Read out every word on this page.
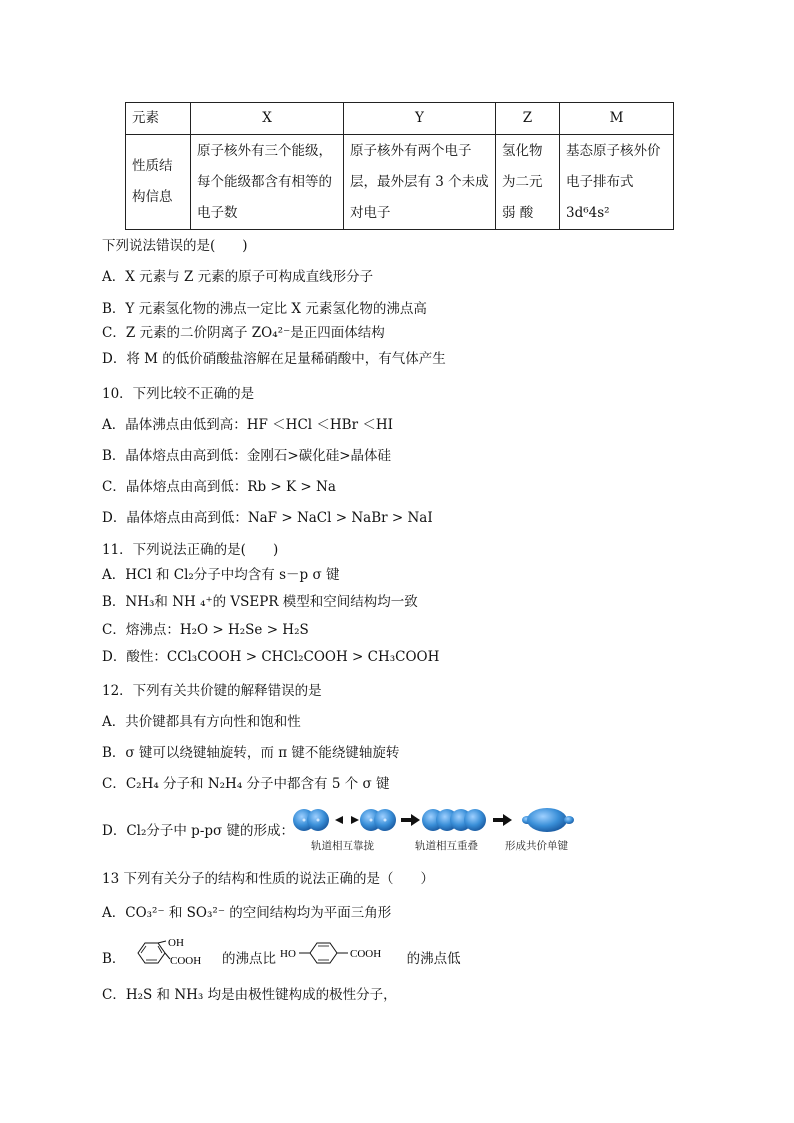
元素	X	Y	Z	M
性质结构信息	原子核外有三个能级，每个能级都含有相等的电子数	原子核外有两个电子层，最外层有 3 个未成对电子	氢化物为二元弱 酸	基态原子核外价电子排布式3d⁶4s²
下列说法错误的是(　　)
A．X 元素与 Z 元素的原子可构成直线形分子
B．Y 元素氢化物的沸点一定比 X 元素氢化物的沸点高
C．Z 元素的二价阴离子 ZO₄²⁻是正四面体结构
D．将 M 的低价硝酸盐溶解在足量稀硝酸中，有气体产生
10．下列比较不正确的是
A．晶体沸点由低到高：HF ＜HCl ＜HBr ＜HI
B．晶体熔点由高到低：金刚石>碳化硅>晶体硅
C．晶体熔点由高到低：Rb > K > Na
D．晶体熔点由高到低：NaF > NaCl > NaBr > NaI
11．下列说法正确的是(　　)
A．HCl 和 Cl₂分子中均含有 s－p σ 键
B．NH₃和 NH ₄⁺的 VSEPR 模型和空间结构均一致
C．熔沸点：H₂O > H₂Se > H₂S
D．酸性：CCl₃COOH > CHCl₂COOH > CH₃COOH
12．下列有关共价键的解释错误的是
A．共价键都具有方向性和饱和性
B．σ 键可以绕键轴旋转，而 π 键不能绕键轴旋转
C．C₂H₄ 分子和 N₂H₄ 分子中都含有 5 个 σ 键
D．Cl₂分子中 p-pσ 键的形成：
轨道相互靠拢	轨道相互重叠	形成共价单键
13 下列有关分子的结构和性质的说法正确的是（　　）
A．CO₃²⁻ 和 SO₃²⁻ 的空间结构均为平面三角形
B．
OH
COOH 的沸点比 HO	COOH 的沸点低
C．H₂S 和 NH₃ 均是由极性键构成的极性分子，
